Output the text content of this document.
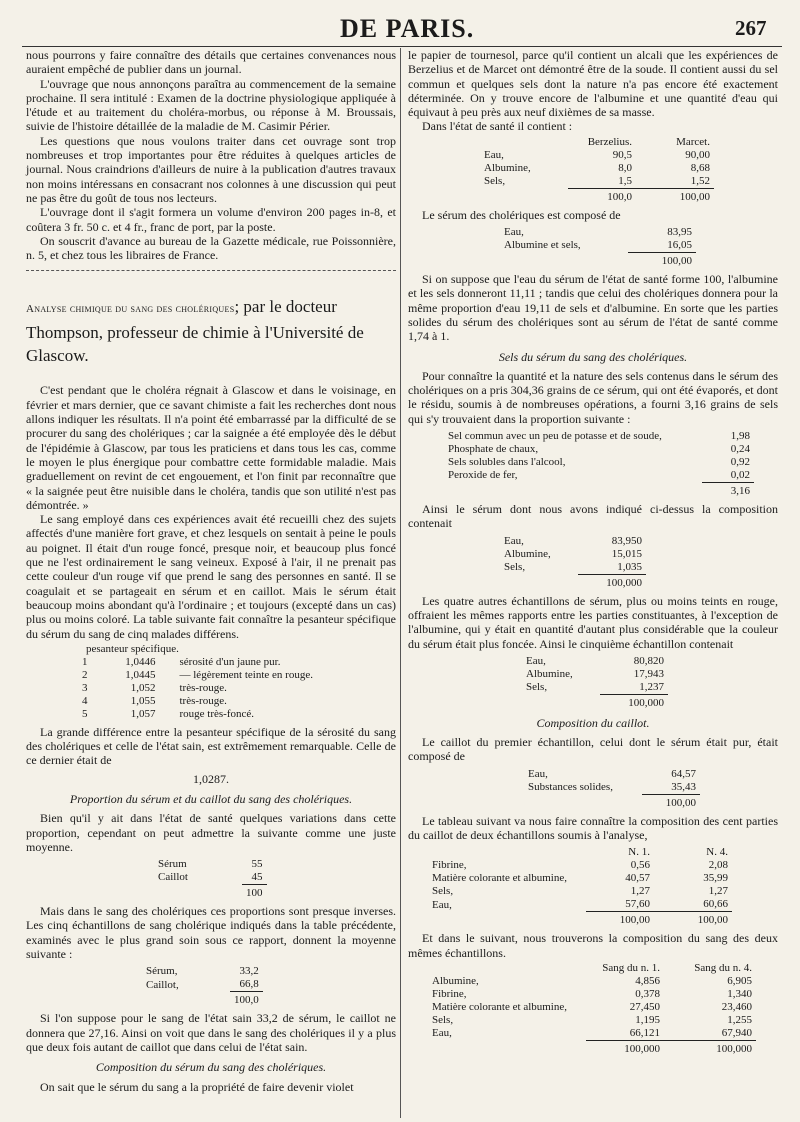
DE PARIS.	267

nous pourrons y faire connaître des détails que certaines convenances nous auraient empêché de publier dans un journal.

L'ouvrage que nous annonçons paraîtra au commencement de la semaine prochaine. Il sera intitulé : Examen de la doctrine physiologique appliquée à l'étude et au traitement du choléra-morbus, ou réponse à M. Broussais, suivie de l'histoire détaillée de la maladie de M. Casimir Périer.

Les questions que nous voulons traiter dans cet ouvrage sont trop nombreuses et trop importantes pour être réduites à quelques articles de journal. Nous craindrions d'ailleurs de nuire à la publication d'autres travaux non moins intéressans en consacrant nos colonnes à une discussion qui peut ne pas être du goût de tous nos lecteurs.

L'ouvrage dont il s'agit formera un volume d'environ 200 pages in-8, et coûtera 3 fr. 50 c. et 4 fr., franc de port, par la poste.

On souscrit d'avance au bureau de la Gazette médicale, rue Poissonnière, n. 5, et chez tous les libraires de France.

Analyse chimique du sang des cholériques; par le docteur Thompson, professeur de chimie à l'Université de Glascow.

C'est pendant que le choléra régnait à Glascow et dans le voisinage, en février et mars dernier, que ce savant chimiste a fait les recherches dont nous allons indiquer les résultats. Il n'a point été embarrassé par la difficulté de se procurer du sang des cholériques ; car la saignée a été employée dès le début de l'épidémie à Glascow, par tous les praticiens et dans tous les cas, comme le moyen le plus énergique pour combattre cette formidable maladie. Mais graduellement on revint de cet engouement, et l'on finit par reconnaître que « la saignée peut être nuisible dans le choléra, tandis que son utilité n'est pas démontrée. »

Le sang employé dans ces expériences avait été recueilli chez des sujets affectés d'une manière fort grave, et chez lesquels on sentait à peine le pouls au poignet. Il était d'un rouge foncé, presque noir, et beaucoup plus foncé que ne l'est ordinairement le sang veineux. Exposé à l'air, il ne prenait pas cette couleur d'un rouge vif que prend le sang des personnes en santé. Il se coagulait et se partageait en sérum et en caillot. Mais le sérum était beaucoup moins abondant qu'à l'ordinaire ; et toujours (excepté dans un cas) plus ou moins coloré. La table suivante fait connaître la pesanteur spécifique du sérum du sang de cinq malades différens.

pesanteur spécifique.		
1	1,0446	sérosité d'un jaune pur.
2	1,0445	— légèrement teinte en rouge.
3	1,052	très-rouge.
4	1,055	très-rouge.
5	1,057	rouge très-foncé.

La grande différence entre la pesanteur spécifique de la sérosité du sang des cholériques et celle de l'état sain, est extrêmement remarquable. Celle de ce dernier était de

1,0287.
Proportion du sérum et du caillot du sang des cholériques.

Bien qu'il y ait dans l'état de santé quelques variations dans cette proportion, cependant on peut admettre la suivante comme une juste moyenne.

Sérum	55
Caillot	45
	100

Mais dans le sang des cholériques ces proportions sont presque inverses. Les cinq échantillons de sang cholérique indiqués dans la table précédente, examinés avec le plus grand soin sous ce rapport, donnent la moyenne suivante :

Sérum,	33,2
Caillot,	66,8
	100,0

Si l'on suppose pour le sang de l'état sain 33,2 de sérum, le caillot ne donnera que 27,16. Ainsi on voit que dans le sang des cholériques il y a plus que deux fois autant de caillot que dans celui de l'état sain.

Composition du sérum du sang des cholériques.

On sait que le sérum du sang a la propriété de faire devenir violet

le papier de tournesol, parce qu'il contient un alcali que les expériences de Berzelius et de Marcet ont démontré être de la soude. Il contient aussi du sel commun et quelques sels dont la nature n'a pas encore été exactement déterminée. On y trouve encore de l'albumine et une quantité d'eau qui équivaut à peu près aux neuf dixièmes de sa masse.

Dans l'état de santé il contient :

	Berzelius.	Marcet.
Eau,	90,5	90,00
Albumine,	8,0	8,68
Sels,	1,5	1,52
	100,0	100,00

Le sérum des cholériques est composé de

Eau,	83,95
Albumine et sels,	16,05
	100,00

Si on suppose que l'eau du sérum de l'état de santé forme 100, l'albumine et les sels donneront 11,11 ; tandis que celui des cholériques donnera pour la même proportion d'eau 19,11 de sels et d'albumine. En sorte que les parties solides du sérum des cholériques sont au sérum de l'état de santé comme 1,74 à 1.

Sels du sérum du sang des cholériques.

Pour connaître la quantité et la nature des sels contenus dans le sérum des cholériques on a pris 304,36 grains de ce sérum, qui ont été évaporés, et dont le résidu, soumis à de nombreuses opérations, a fourni 3,16 grains de sels qui s'y trouvaient dans la proportion suivante :

Sel commun avec un peu de potasse et de soude,	1,98
Phosphate de chaux,	0,24
Sels solubles dans l'alcool,	0,92
Peroxide de fer,	0,02
	3,16

Ainsi le sérum dont nous avons indiqué ci-dessus la composition contenait

Eau,	83,950
Albumine,	15,015
Sels,	1,035
	100,000

Les quatre autres échantillons de sérum, plus ou moins teints en rouge, offraient les mêmes rapports entre les parties constituantes, à l'exception de l'albumine, qui y était en quantité d'autant plus considérable que la couleur du sérum était plus foncée. Ainsi le cinquième échantillon contenait

Eau,	80,820
Albumine,	17,943
Sels,	1,237
	100,000
Composition du caillot.

Le caillot du premier échantillon, celui dont le sérum était pur, était composé de

Eau,	64,57
Substances solides,	35,43
	100,00

Le tableau suivant va nous faire connaître la composition des cent parties du caillot de deux échantillons soumis à l'analyse,

	N. 1.	N. 4.
Fibrine,	0,56	2,08
Matière colorante et albumine,	40,57	35,99
Sels,	1,27	1,27
Eau,	57,60	60,66
	100,00	100,00

Et dans le suivant, nous trouverons la composition du sang des deux mêmes échantillons.

	Sang du n. 1.	Sang du n. 4.
Albumine,	4,856	6,905
Fibrine,	0,378	1,340
Matière colorante et albumine,	27,450	23,460
Sels,	1,195	1,255
Eau,	66,121	67,940
	100,000	100,000
